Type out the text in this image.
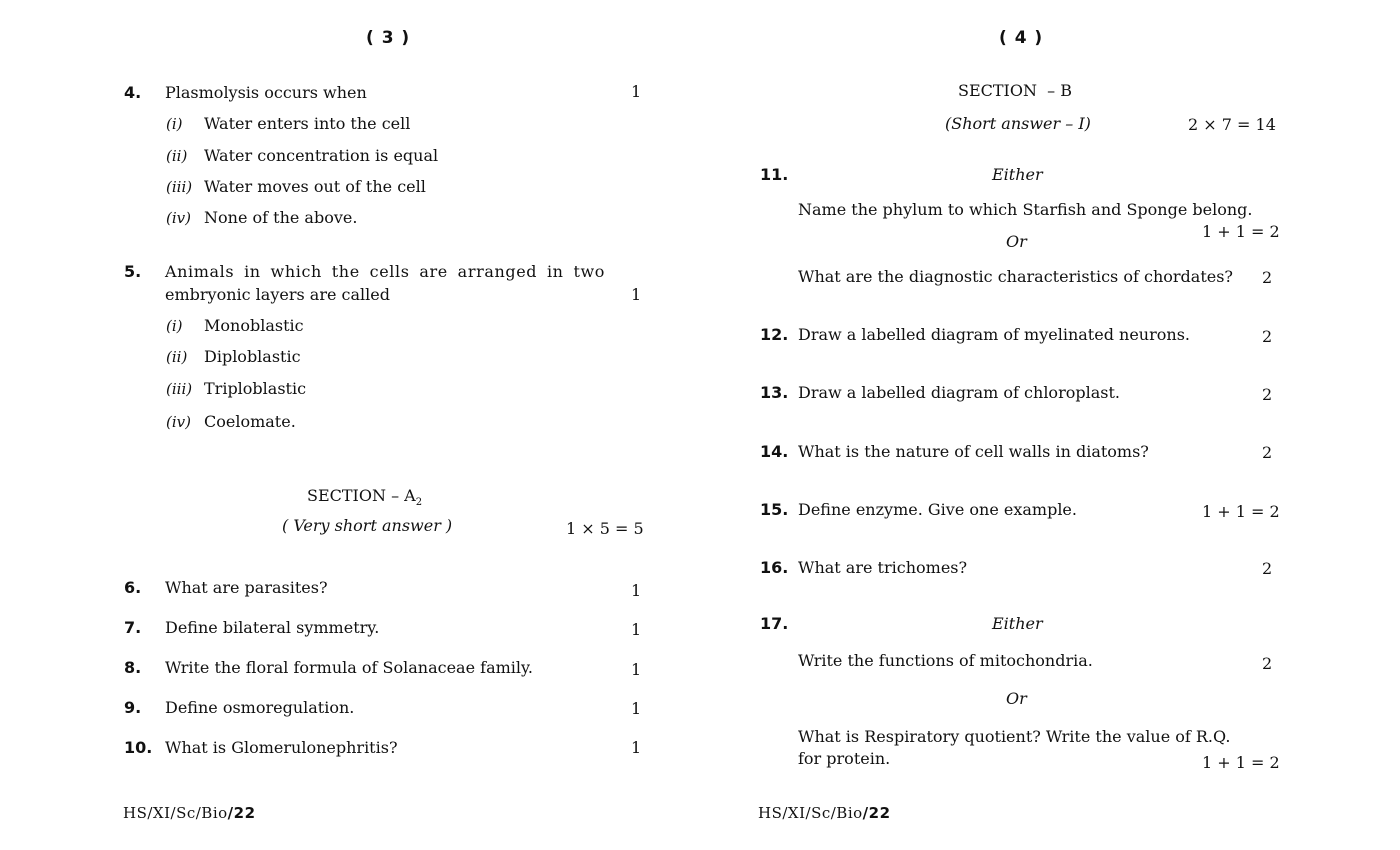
( 3 )
4. Plasmolysis occurs when	1
(i) Water enters into the cell
(ii) Water concentration is equal
(iii) Water moves out of the cell
(iv) None of the above.
5. Animals in which the cells are arranged in two
embryonic layers are called	1
(i) Monoblastic
(ii) Diploblastic
(iii) Triploblastic
(iv) Coelomate.
SECTION – $A_2$
( Very short answer )	1 × 5 = 5
6. What are parasites?	1
7. Define bilateral symmetry.	1
8. Write the floral formula of Solanaceae family.	1
9. Define osmoregulation.	1
10. What is Glomerulonephritis?	1
HS/XI/Sc/Bio/22
( 4 )
SECTION  – B
(Short answer – I)	2 × 7 = 14
11.	Either
Name the phylum to which Starfish and Sponge belong.
Or
1 + 1 = 2
What are the diagnostic characteristics of chordates? 2
12. Draw a labelled diagram of myelinated neurons.	2
13. Draw a labelled diagram of chloroplast.	2
14. What is the nature of cell walls in diatoms?	2
15. Define enzyme. Give one example.	1 + 1 = 2
16. What are trichomes?	2
17.	Either
Write the functions of mitochondria.	2
Or
What is Respiratory quotient? Write the value of R.Q.
for protein.	1 + 1 = 2
HS/XI/Sc/Bio/22
